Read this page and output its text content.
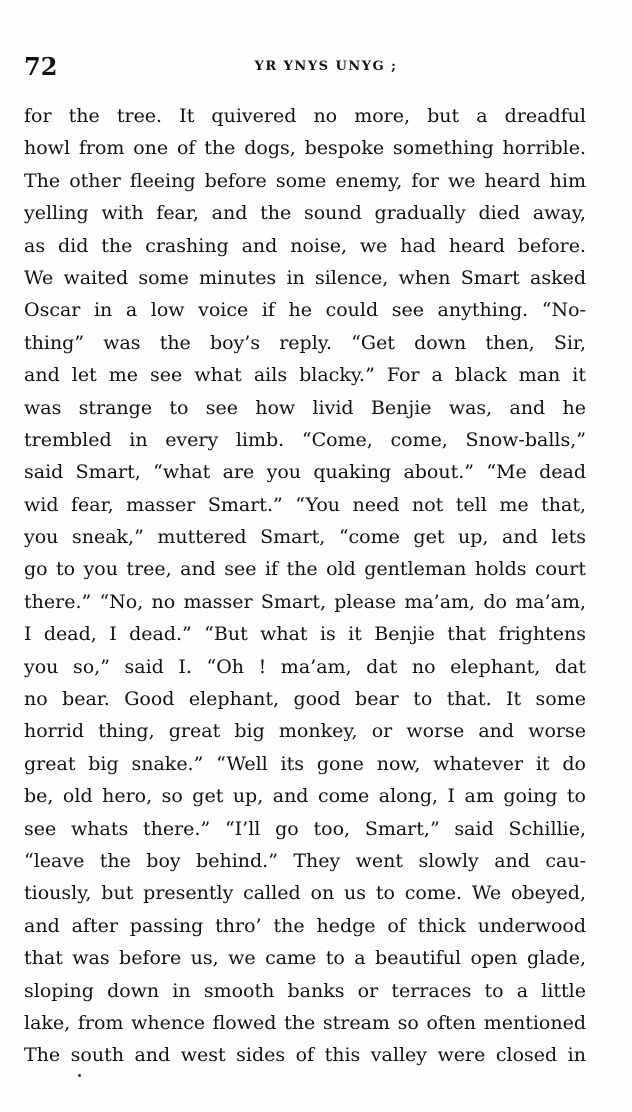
72	YR YNYS UNYG ;
for the tree. It quivered no more, but a dreadful
howl from one of the dogs, bespoke something horrible.
The other fleeing before some enemy, for we heard him
yelling with fear, and the sound gradually died away,
as did the crashing and noise, we had heard before.
We waited some minutes in silence, when Smart asked
Oscar in a low voice if he could see anything. “No-
thing” was the boy’s reply. “Get down then, Sir,
and let me see what ails blacky.” For a black man it
was strange to see how livid Benjie was, and he
trembled in every limb. “Come, come, Snow-balls,”
said Smart, “what are you quaking about.” “Me dead
wid fear, masser Smart.” “You need not tell me that,
you sneak,” muttered Smart, “come get up, and lets
go to you tree, and see if the old gentleman holds court
there.” “No, no masser Smart, please ma’am, do ma’am,
I dead, I dead.” “But what is it Benjie that frightens
you so,” said I. “Oh ! ma’am, dat no elephant, dat
no bear. Good elephant, good bear to that. It some
horrid thing, great big monkey, or worse and worse
great big snake.” “Well its gone now, whatever it do
be, old hero, so get up, and come along, I am going to
see whats there.” “I’ll go too, Smart,” said Schillie,
“leave the boy behind.” They went slowly and cau-
tiously, but presently called on us to come. We obeyed,
and after passing thro’ the hedge of thick underwood
that was before us, we came to a beautiful open glade,
sloping down in smooth banks or terraces to a little
lake, from whence flowed the stream so often mentioned
The south and west sides of this valley were closed in
